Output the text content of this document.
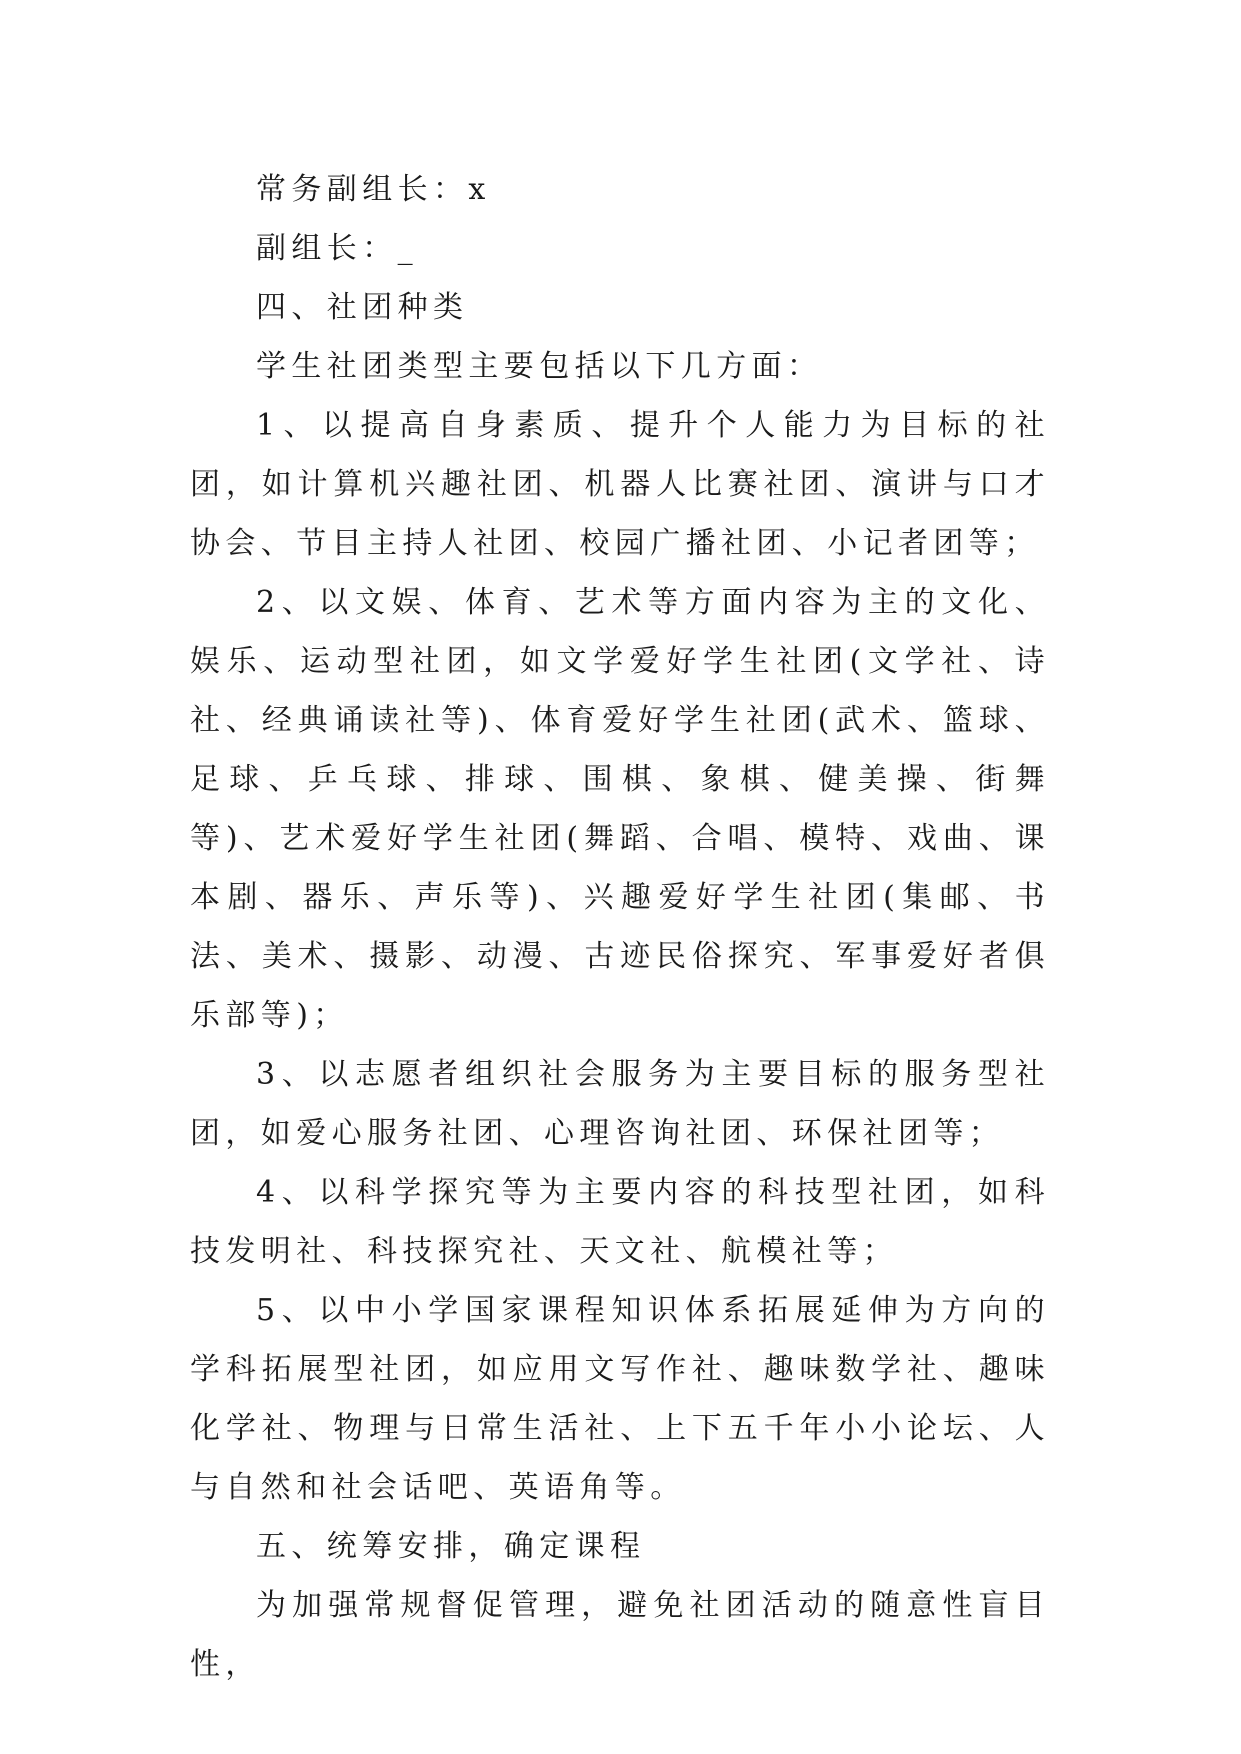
常务副组长：x

副组长：_

四、社团种类

学生社团类型主要包括以下几方面：

1、以提高自身素质、提升个人能力为目标的社团，如计算机兴趣社团、机器人比赛社团、演讲与口才协会、节目主持人社团、校园广播社团、小记者团等；

2、以文娱、体育、艺术等方面内容为主的文化、娱乐、运动型社团，如文学爱好学生社团(文学社、诗社、经典诵读社等)、体育爱好学生社团(武术、篮球、足球、乒乓球、排球、围棋、象棋、健美操、街舞等)、艺术爱好学生社团(舞蹈、合唱、模特、戏曲、课本剧、器乐、声乐等)、兴趣爱好学生社团(集邮、书法、美术、摄影、动漫、古迹民俗探究、军事爱好者俱乐部等)；

3、以志愿者组织社会服务为主要目标的服务型社团，如爱心服务社团、心理咨询社团、环保社团等；

4、以科学探究等为主要内容的科技型社团，如科技发明社、科技探究社、天文社、航模社等；

5、以中小学国家课程知识体系拓展延伸为方向的学科拓展型社团，如应用文写作社、趣味数学社、趣味化学社、物理与日常生活社、上下五千年小小论坛、人与自然和社会话吧、英语角等。

五、统筹安排，确定课程

为加强常规督促管理，避免社团活动的随意性盲目性，
